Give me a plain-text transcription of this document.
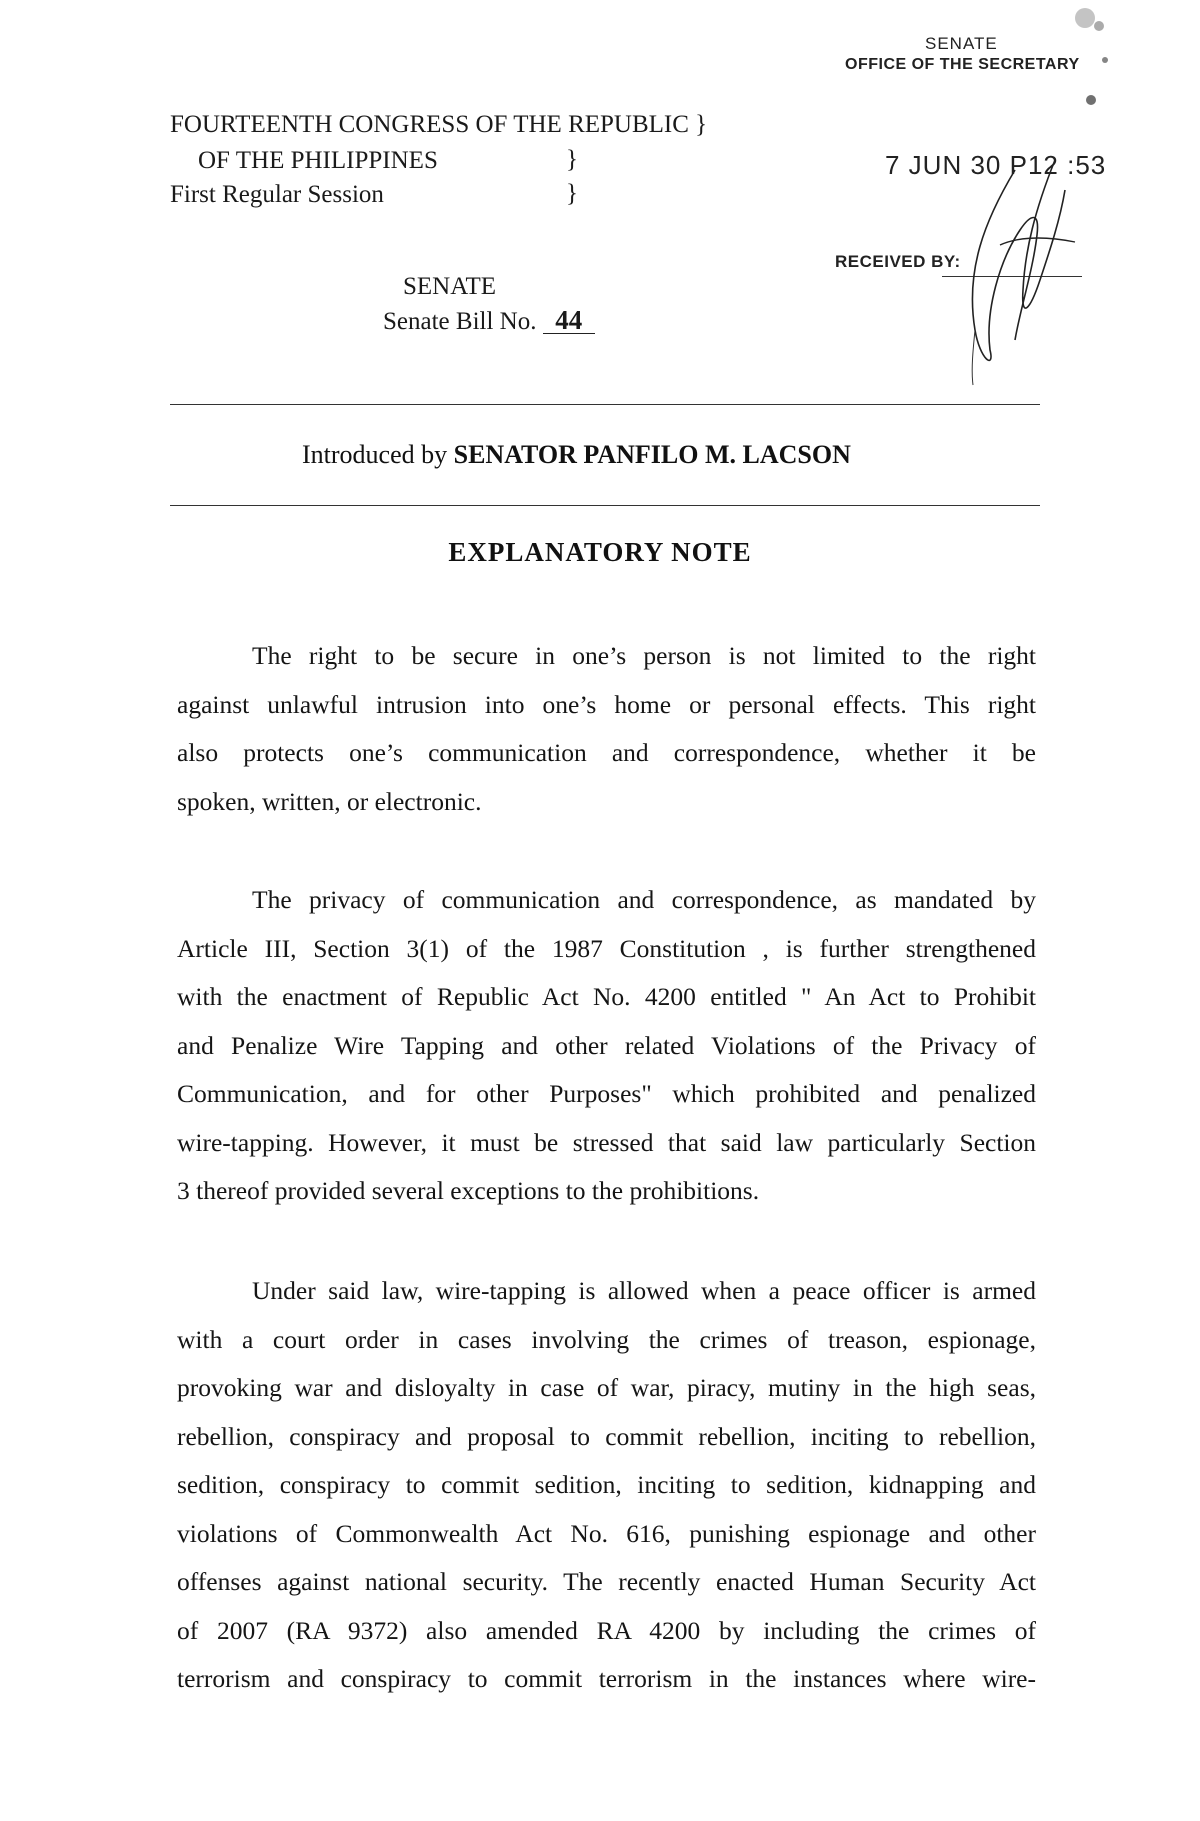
FOURTEENTH CONGRESS OF THE REPUBLIC }
OF THE PHILIPPINES
First Regular Session
}
}
SENATE
Senate Bill No. 44
SENATE
OFFICE OF THE SECRETARY
7 JUN 30 P12 :53
RECEIVED BY:
Introduced by SENATOR PANFILO M. LACSON
EXPLANATORY NOTE
The right to be secure in one’s person is not limited to the right
against unlawful intrusion into one’s home or personal effects. This right
also protects one’s communication and correspondence, whether it be
spoken, written, or electronic.
The privacy of communication and correspondence, as mandated by
Article III, Section 3(1) of the 1987 Constitution , is further strengthened
with the enactment of Republic Act No. 4200 entitled " An Act to Prohibit
and Penalize Wire Tapping and other related Violations of the Privacy of
Communication, and for other Purposes" which prohibited and penalized
wire-tapping. However, it must be stressed that said law particularly Section
3 thereof provided several exceptions to the prohibitions.
Under said law, wire-tapping is allowed when a peace officer is armed
with a court order in cases involving the crimes of treason, espionage,
provoking war and disloyalty in case of war, piracy, mutiny in the high seas,
rebellion, conspiracy and proposal to commit rebellion, inciting to rebellion,
sedition, conspiracy to commit sedition, inciting to sedition, kidnapping and
violations of Commonwealth Act No. 616, punishing espionage and other
offenses against national security. The recently enacted Human Security Act
of 2007 (RA 9372) also amended RA 4200 by including the crimes of
terrorism and conspiracy to commit terrorism in the instances where wire-
